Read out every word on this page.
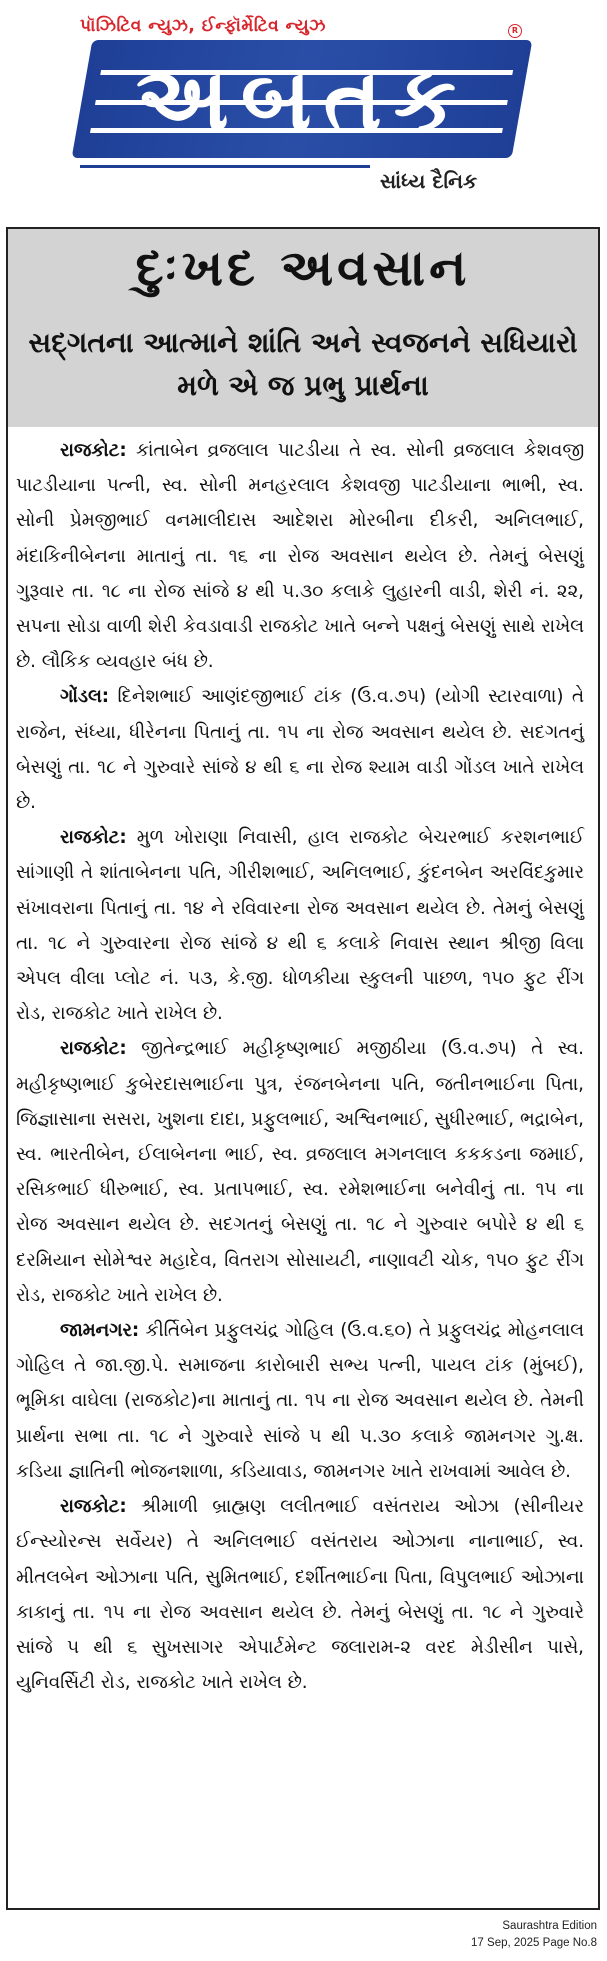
પૉઝિટિવ ન્યુઝ, ઈન્ફૉર્મેટિવ ન્યુઝ	R
અબતક
સાંધ્ય દૈનિક
દુઃખદ અવસાન
સદ્‌ગતના આત્માને શાંતિ અને સ્વજનને સધિયારો મળે એ જ પ્રભુ પ્રાર્થના

રાજકોટ: કાંતાબેન વ્રજલાલ પાટડીયા તે સ્વ. સોની વ્રજલાલ કેશવજી પાટડીયાના પત્ની, સ્વ. સોની મનહરલાલ કેશવજી પાટડીયાના ભાભી, સ્વ. સોની પ્રેમજીભાઈ વનમાલીદાસ આદેશરા મોરબીના દીકરી, અનિલભાઈ, મંદાકિનીબેનના માતાનું તા. ૧૬ ના રોજ અવસાન થયેલ છે. તેમનું બેસણું ગુરૂવાર તા. ૧૮ ના રોજ સાંજે ૪ થી ૫.૩૦ કલાકે લુહારની વાડી, શેરી નં. ૨૨, સપના સોડા વાળી શેરી કેવડાવાડી રાજકોટ ખાતે બન્ને પક્ષનું બેસણું સાથે રાખેલ છે. લૌકિક વ્યવહાર બંધ છે.

ગોંડલ: દિનેશભાઈ આણંદજીભાઈ ટાંક (ઉ.વ.૭૫) (યોગી સ્ટારવાળા) તે રાજેન, સંધ્યા, ધીરેનના પિતાનું તા. ૧૫ ના રોજ અવસાન થયેલ છે. સદગતનું બેસણું તા. ૧૮ ને ગુરુવારે સાંજે ૪ થી ૬ ના રોજ શ્યામ વાડી ગોંડલ ખાતે રાખેલ છે.

રાજકોટ: મુળ ખોરાણા નિવાસી, હાલ રાજકોટ બેચરભાઈ કરશનભાઈ સાંગાણી તે શાંતાબેનના પતિ, ગીરીશભાઈ, અનિલભાઈ, કુંદનબેન અરવિંદકુમાર સંખાવરાના પિતાનું તા. ૧૪ ને રવિવારના રોજ અવસાન થયેલ છે. તેમનું બેસણું તા. ૧૮ ને ગુરુવારના રોજ સાંજે ૪ થી ૬ કલાકે નિવાસ સ્થાન શ્રીજી વિલા એપલ વીલા પ્લોટ નં. ૫૩, કે.જી. ધોળકીયા સ્કુલની પાછળ, ૧૫૦ ફુટ રીંગ રોડ, રાજકોટ ખાતે રાખેલ છે.

રાજકોટ: જીતેન્દ્રભાઈ મહીકૃષ્ણભાઈ મજીઠીયા (ઉ.વ.૭૫) તે સ્વ. મહીકૃષ્ણભાઈ કુબેરદાસભાઈના પુત્ર, રંજનબેનના પતિ, જતીનભાઈના પિતા, જિજ્ઞાસાના સસરા, ખુશના દાદા, પ્રફુલભાઈ, અશ્વિનભાઈ, સુધીરભાઈ, ભદ્રાબેન, સ્વ. ભારતીબેન, ઈલાબેનના ભાઈ, સ્વ. વ્રજલાલ મગનલાલ કકકડના જમાઈ, રસિકભાઈ ધીરુભાઈ, સ્વ. પ્રતાપભાઈ, સ્વ. રમેશભાઈના બનેવીનું તા. ૧૫ ના રોજ અવસાન થયેલ છે. સદગતનું બેસણું તા. ૧૮ ને ગુરુવાર બપોરે ૪ થી ૬ દરમિયાન સોમેશ્વર મહાદેવ, વિતરાગ સોસાયટી, નાણાવટી ચોક, ૧૫૦ ફુટ રીંગ રોડ, રાજકોટ ખાતે રાખેલ છે.

જામનગર: કીર્તિબેન પ્રફુલચંદ્ર ગોહિલ (ઉ.વ.૬૦) તે પ્રફુલચંદ્ર મોહનલાલ ગોહિલ તે જા.જી.પે. સમાજના કારોબારી સભ્ય પત્ની, પાયલ ટાંક (મુંબઈ), ભૂમિકા વાઘેલા (રાજકોટ)ના માતાનું તા. ૧૫ ના રોજ અવસાન થયેલ છે. તેમની પ્રાર્થના સભા તા. ૧૮ ને ગુરુવારે સાંજે ૫ થી ૫.૩૦ કલાકે જામનગર ગુ.ક્ષ. કડિયા જ્ઞાતિની ભોજનશાળા, કડિયાવાડ, જામનગર ખાતે રાખવામાં આવેલ છે.

રાજકોટ: શ્રીમાળી બ્રાહ્મણ લલીતભાઈ વસંતરાય ઓઝા (સીનીયર ઈન્સ્યોરન્સ સર્વેયર) તે અનિલભાઈ વસંતરાય ઓઝાના નાનાભાઈ, સ્વ. મીતલબેન ઓઝાના પતિ, સુમિતભાઈ, દર્શીતભાઈના પિતા, વિપુલભાઈ ઓઝાના કાકાનું તા. ૧૫ ના રોજ અવસાન થયેલ છે. તેમનું બેસણું તા. ૧૮ ને ગુરુવારે સાંજે ૫ થી ૬ સુખસાગર એપાર્ટમેન્ટ જલારામ-૨ વરદ મેડીસીન પાસે, યુનિવર્સિટી રોડ, રાજકોટ ખાતે રાખેલ છે.

Saurashtra Edition
17 Sep, 2025 Page No.8
